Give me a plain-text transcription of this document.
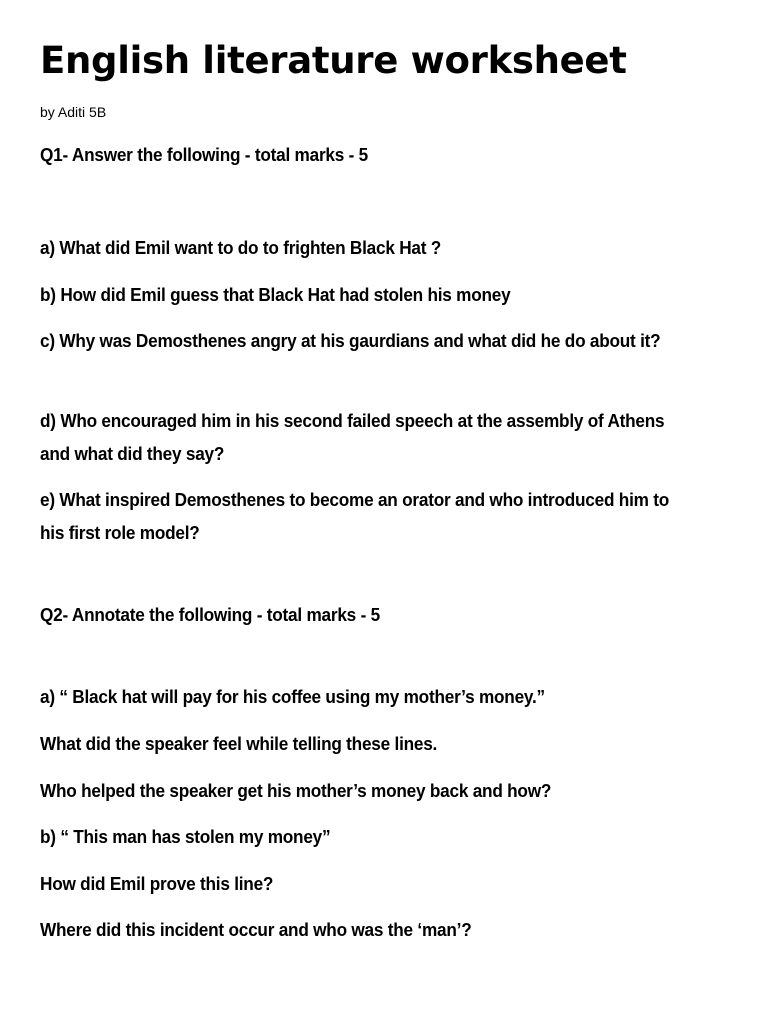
English literature worksheet

by Aditi 5B

Q1- Answer the following - total marks - 5

a) What did Emil want to do to frighten Black Hat ?

b) How did Emil guess that Black Hat had stolen his money

c) Why was Demosthenes angry at his gaurdians and what did he do about it?

d) Who encouraged him in his second failed speech at the assembly of Athens and what did they say?

e) What inspired Demosthenes to become an orator and who introduced him to his first role model?

Q2- Annotate the following - total marks - 5

a) “ Black hat will pay for his coffee using my mother’s money.”

What did the speaker feel while telling these lines.

Who helped the speaker get his mother’s money back and how?

b) “ This man has stolen my money”

How did Emil prove this line?

Where did this incident occur and who was the ‘man’?
